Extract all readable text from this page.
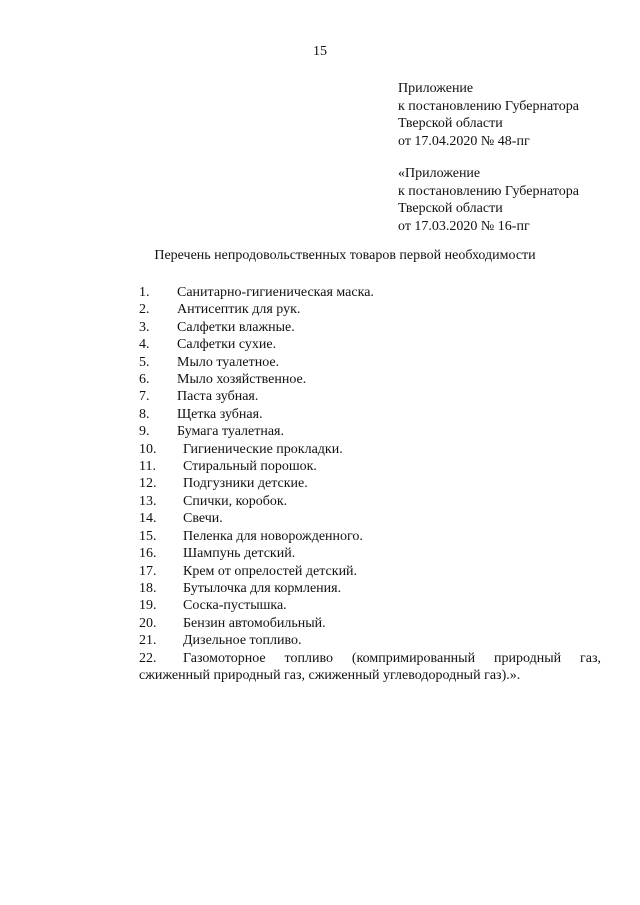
15
Приложение
к постановлению Губернатора
Тверской области
от 17.04.2020 № 48-пг
«Приложение
к постановлению Губернатора
Тверской области
от 17.03.2020 № 16-пг
Перечень непродовольственных товаров первой необходимости
1. Санитарно-гигиеническая маска.
2. Антисептик для рук.
3. Салфетки влажные.
4. Салфетки сухие.
5. Мыло туалетное.
6. Мыло хозяйственное.
7. Паста зубная.
8. Щетка зубная.
9. Бумага туалетная.
10. Гигиенические прокладки.
11. Стиральный порошок.
12. Подгузники детские.
13. Спички, коробок.
14. Свечи.
15. Пеленка для новорожденного.
16. Шампунь детский.
17. Крем от опрелостей детский.
18. Бутылочка для кормления.
19. Соска-пустышка.
20. Бензин автомобильный.
21. Дизельное топливо.
22. Газомоторное топливо (компримированный природный газ, сжиженный природный газ, сжиженный углеводородный газ).».
